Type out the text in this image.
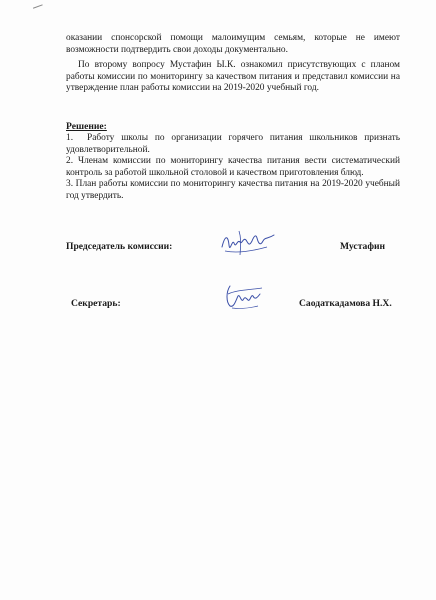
оказании спонсорской помощи малоимущим семьям, которые не имеют возможности подтвердить свои доходы документально.
По второму вопросу Мустафин Ы.К. ознакомил присутствующих с планом работы комиссии по мониторингу за качеством питания и представил комиссии на утверждение план работы комиссии на 2019-2020 учебный год.
Решение:
1. Работу школы по организации горячего питания школьников признать удовлетворительной.
2. Членам комиссии по мониторингу качества питания вести систематический контроль за работой школьной столовой и качеством приготовления блюд.
3. План работы комиссии по мониторингу качества питания на 2019-2020 учебный год утвердить.
Председатель комиссии:	Мустафин
Секретарь:	Саодаткадамова Н.Х.
